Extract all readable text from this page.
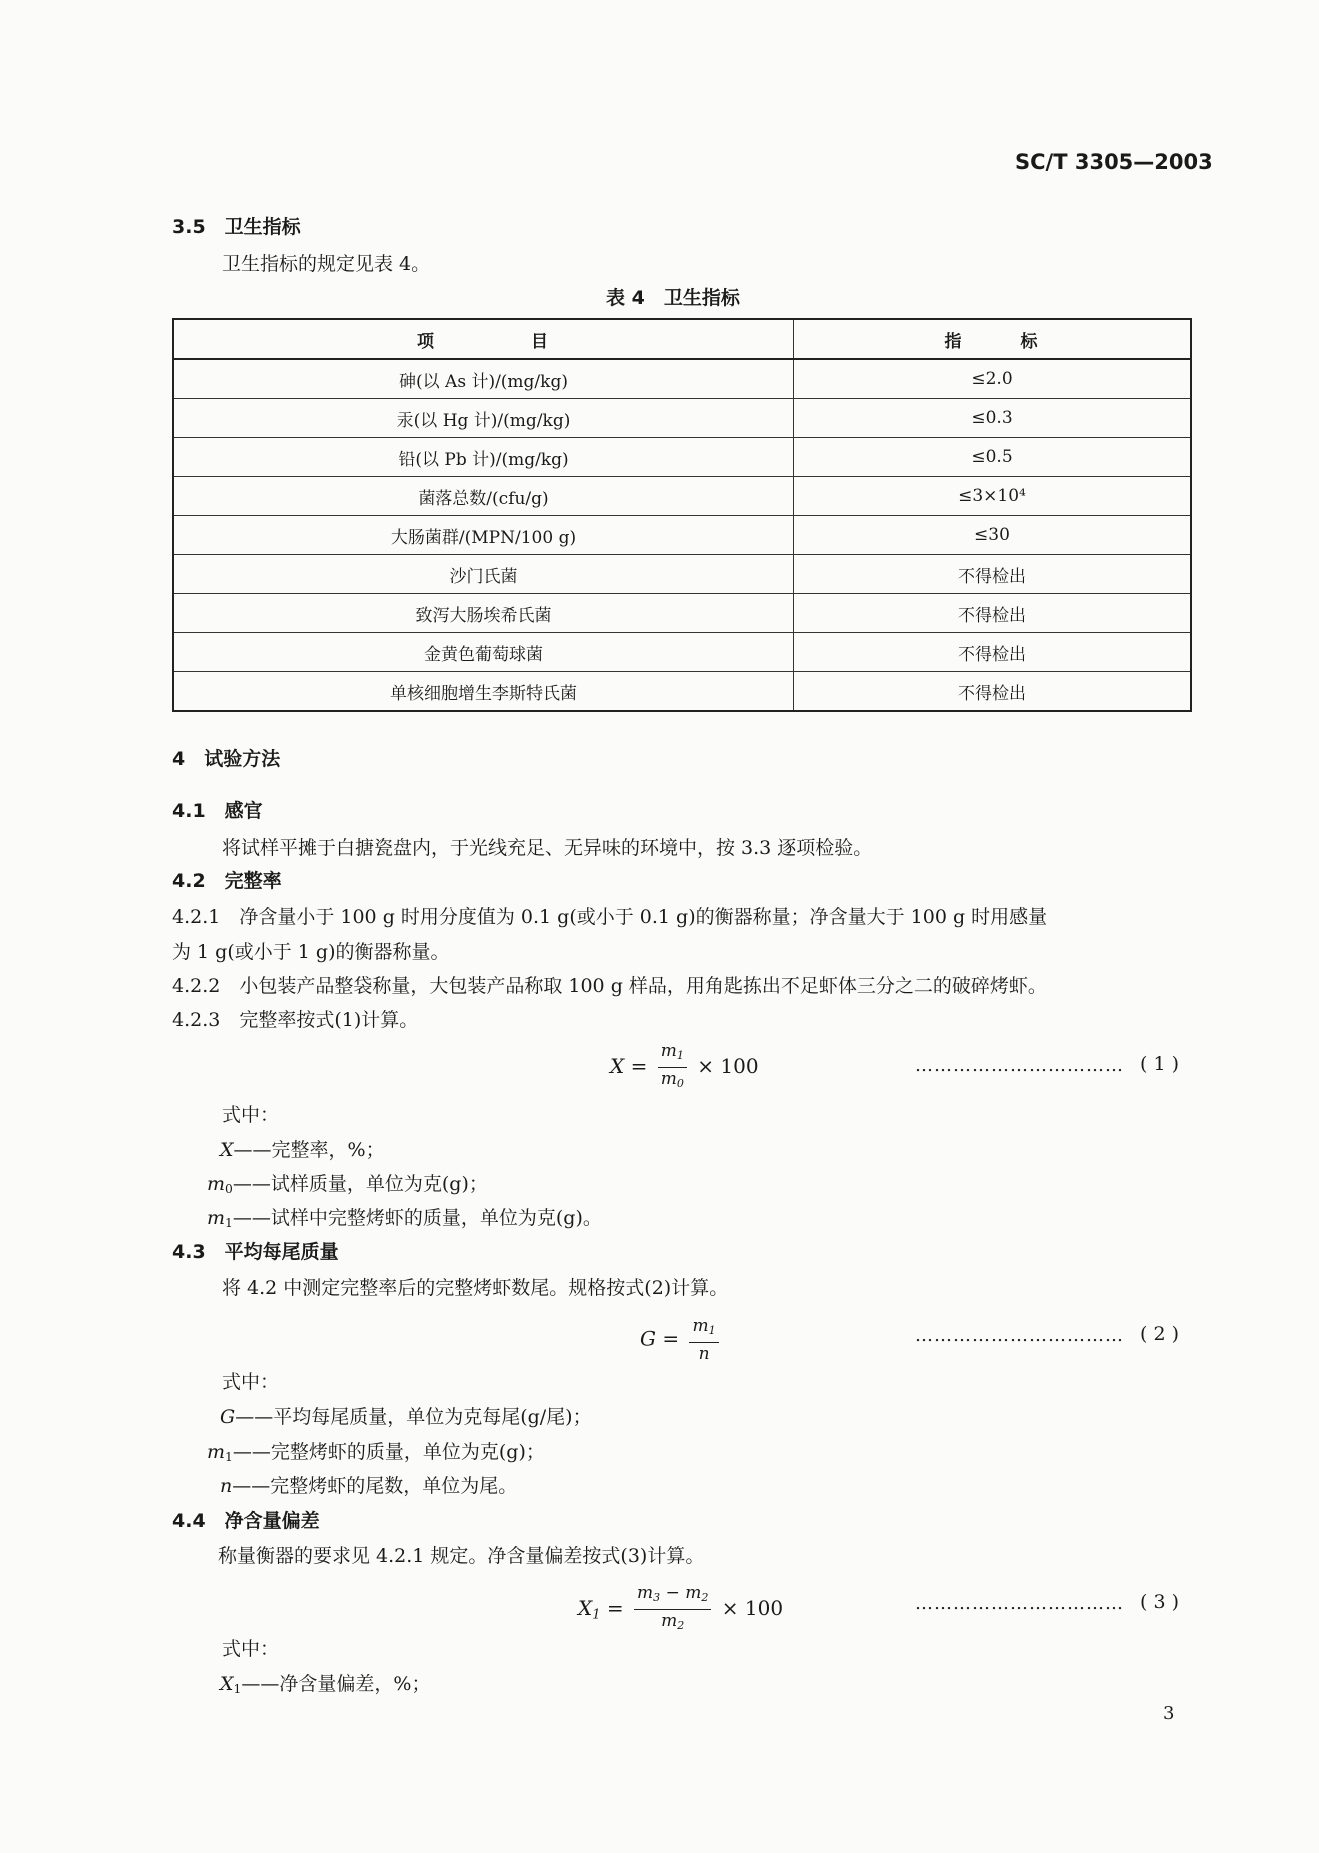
SC/T 3305—2003
3.5　卫生指标
卫生指标的规定见表 4。
表 4　卫生指标
项　　　　　目	指　　　标
砷(以 As 计)/(mg/kg)	≤2.0
汞(以 Hg 计)/(mg/kg)	≤0.3
铅(以 Pb 计)/(mg/kg)	≤0.5
菌落总数/(cfu/g)	≤3×10⁴
大肠菌群/(MPN/100 g)	≤30
沙门氏菌	不得检出
致泻大肠埃希氏菌	不得检出
金黄色葡萄球菌	不得检出
单核细胞增生李斯特氏菌	不得检出
4　试验方法
4.1　感官
将试样平摊于白搪瓷盘内，于光线充足、无异味的环境中，按 3.3 逐项检验。
4.2　完整率
4.2.1　净含量小于 100 g 时用分度值为 0.1 g(或小于 0.1 g)的衡器称量；净含量大于 100 g 时用感量
为 1 g(或小于 1 g)的衡器称量。
4.2.2　小包装产品整袋称量，大包装产品称取 100 g 样品，用角匙拣出不足虾体三分之二的破碎烤虾。
4.2.3　完整率按式(1)计算。
$X = \frac{m_1}{m_0} \times 100$	…………………………… ( 1 )
式中：
X——完整率，%；
$m_0——$试样质量，单位为克(g)；
$m_1——$试样中完整烤虾的质量，单位为克(g)。
4.3　平均每尾质量
将 4.2 中测定完整率后的完整烤虾数尾。规格按式(2)计算。
$G = \frac{m_1}{n}$	…………………………… ( 2 )
式中：
G——平均每尾质量，单位为克每尾(g/尾)；
$m_1——$完整烤虾的质量，单位为克(g)；
n——完整烤虾的尾数，单位为尾。
4.4　净含量偏差
称量衡器的要求见 4.2.1 规定。净含量偏差按式(3)计算。
$X_1 = \frac{m_3 - m_2}{m_2} \times 100$	…………………………… ( 3 )
式中：
$X_1——$净含量偏差，%；
3
